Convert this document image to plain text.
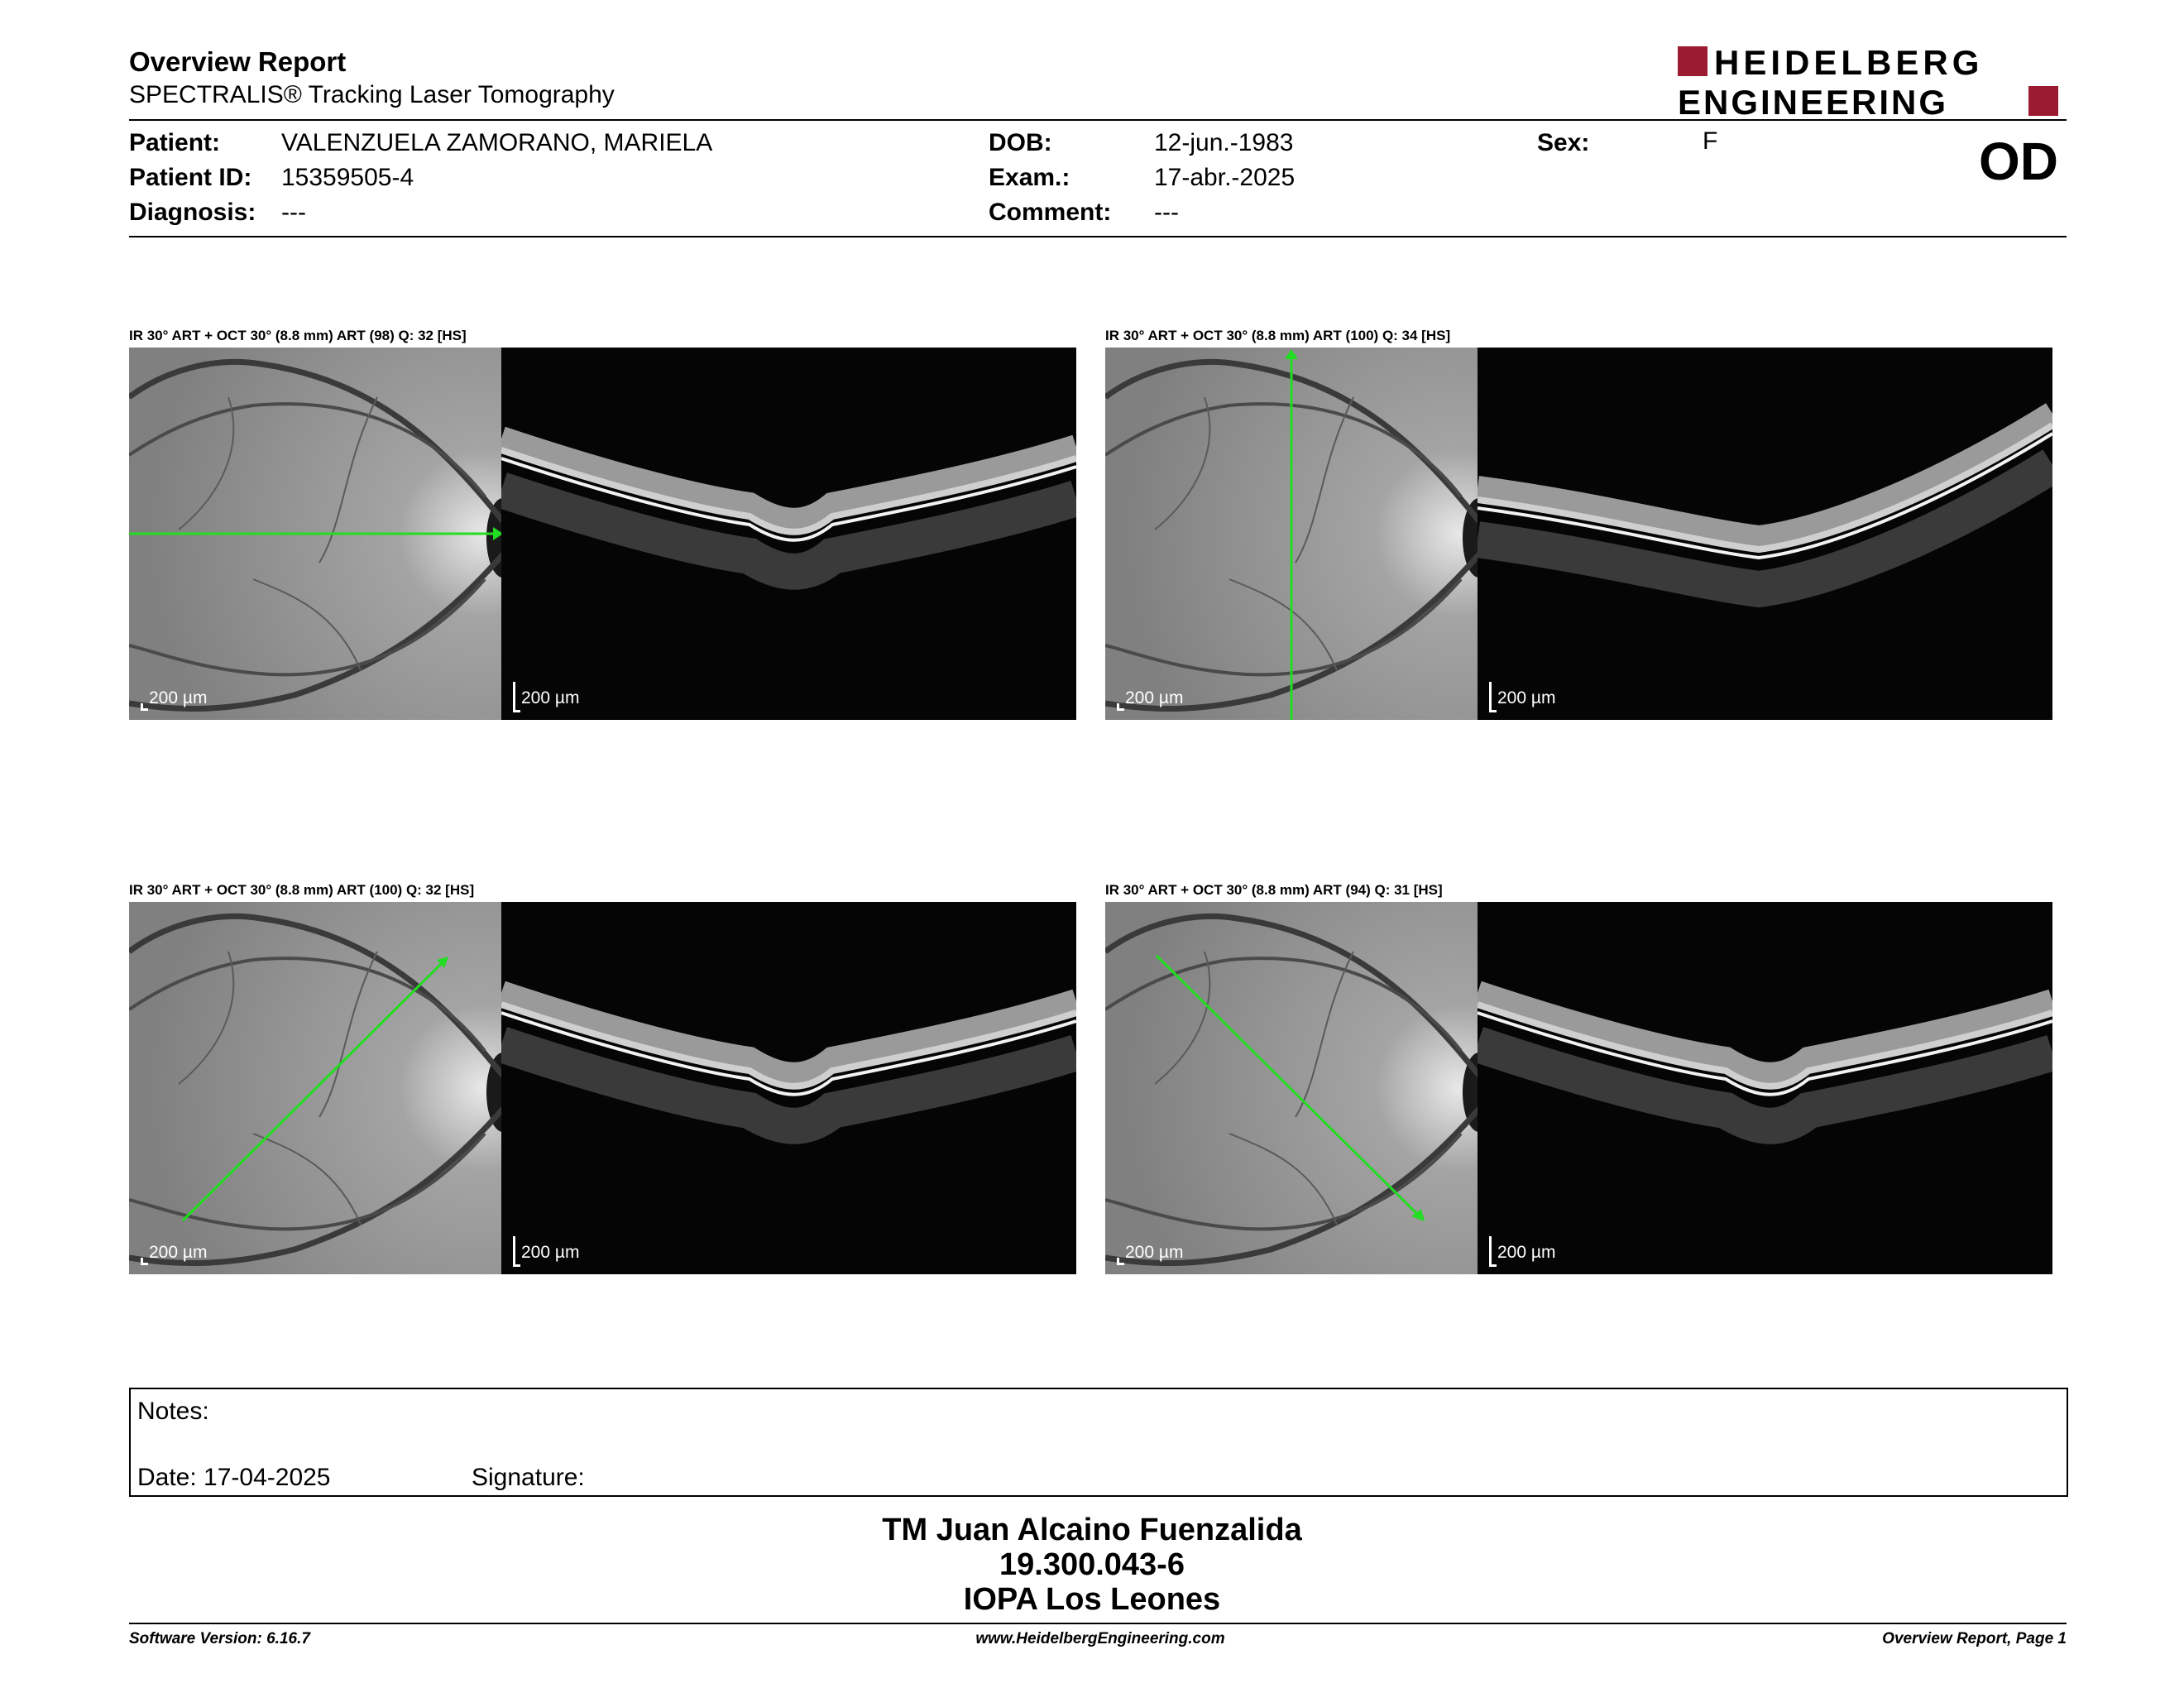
Overview Report
SPECTRALIS® Tracking Laser Tomography
HEIDELBERG
ENGINEERING
Patient: VALENZUELA ZAMORANO, MARIELA
Patient ID: 15359505-4
Diagnosis: ---
DOB:	12-jun.-1983
Exam.:	17-abr.-2025
Comment: ---
Sex:	F	OD
IR 30° ART + OCT 30° (8.8 mm) ART (98) Q: 32 [HS]
200 µm	200 µm
IR 30° ART + OCT 30° (8.8 mm) ART (100) Q: 34 [HS]
200 µm	200 µm
IR 30° ART + OCT 30° (8.8 mm) ART (100) Q: 32 [HS]
200 µm	200 µm
IR 30° ART + OCT 30° (8.8 mm) ART (94) Q: 31 [HS]
200 µm	200 µm
Notes:
Date: 17-04-2025	Signature:
TM Juan Alcaino Fuenzalida
19.300.043-6
IOPA Los Leones
Software Version: 6.16.7	www.HeidelbergEngineering.com	Overview Report, Page 1
